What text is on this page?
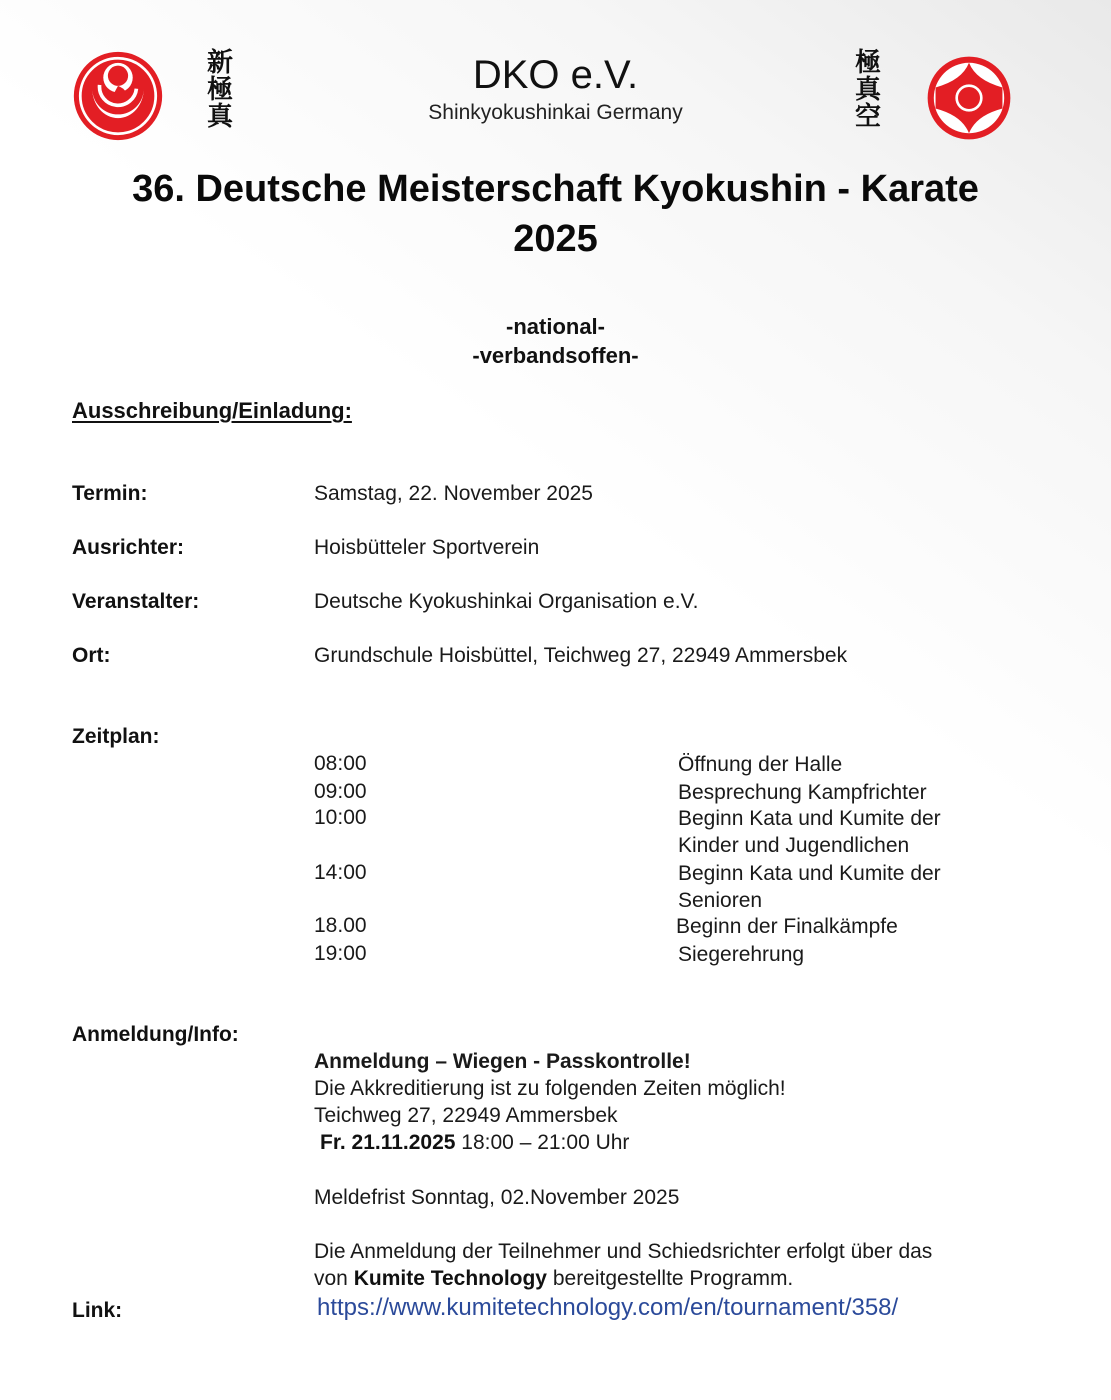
新
極
真
DKO e.V.
Shinkyokushinkai Germany
極
真
空
36. Deutsche Meisterschaft Kyokushin - Karate
2025
-national-
-verbandsoffen-
Ausschreibung/Einladung:
Termin:	Samstag, 22. November 2025
Ausrichter:	Hoisbütteler Sportverein
Veranstalter:	Deutsche Kyokushinkai Organisation e.V.
Ort:	Grundschule Hoisbüttel, Teichweg 27, 22949 Ammersbek
Zeitplan:
08:00	Öffnung der Halle
09:00	Besprechung Kampfrichter
10:00	Beginn Kata und Kumite der
Kinder und Jugendlichen
14:00	Beginn Kata und Kumite der
Senioren
18.00	Beginn der Finalkämpfe
19:00	Siegerehrung
Anmeldung/Info:
Anmeldung – Wiegen - Passkontrolle!
Die Akkreditierung ist zu folgenden Zeiten möglich!
Teichweg 27, 22949 Ammersbek
Fr. 21.11.2025 18:00 – 21:00 Uhr
Meldefrist Sonntag, 02.November 2025
Die Anmeldung der Teilnehmer und Schiedsrichter erfolgt über das
von Kumite Technology bereitgestellte Programm.
Link:	https://www.kumitetechnology.com/en/tournament/358/
